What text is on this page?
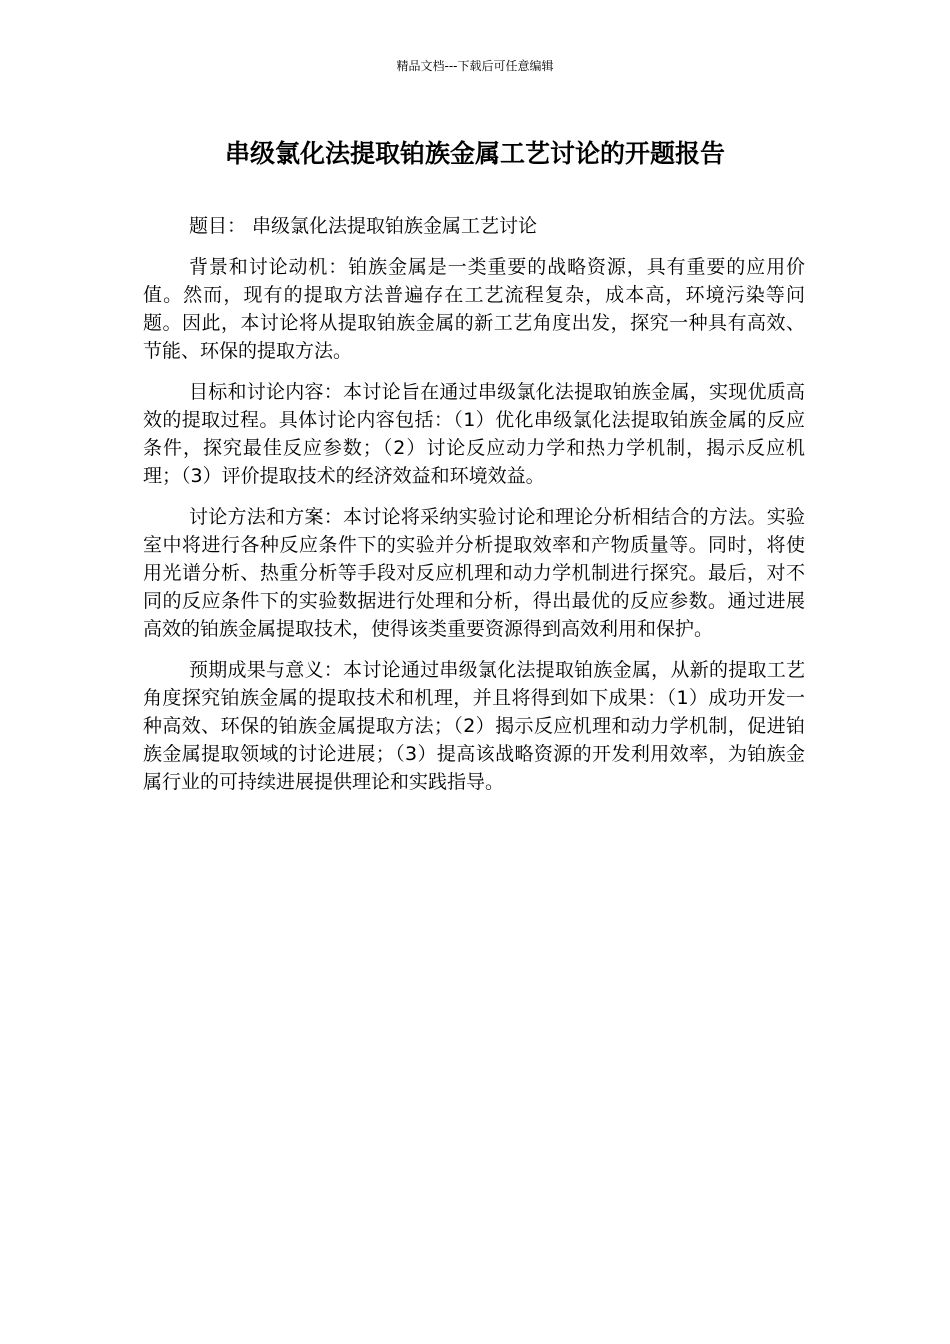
精品文档---下载后可任意编辑
串级氯化法提取铂族金属工艺讨论的开题报告

题目： 串级氯化法提取铂族金属工艺讨论

背景和讨论动机：铂族金属是一类重要的战略资源，具有重要的应用价值。然而，现有的提取方法普遍存在工艺流程复杂，成本高，环境污染等问题。因此，本讨论将从提取铂族金属的新工艺角度出发，探究一种具有高效、节能、环保的提取方法。

目标和讨论内容：本讨论旨在通过串级氯化法提取铂族金属，实现优质高效的提取过程。具体讨论内容包括：（1）优化串级氯化法提取铂族金属的反应条件，探究最佳反应参数；（2）讨论反应动力学和热力学机制，揭示反应机理；（3）评价提取技术的经济效益和环境效益。

讨论方法和方案：本讨论将采纳实验讨论和理论分析相结合的方法。实验室中将进行各种反应条件下的实验并分析提取效率和产物质量等。同时，将使用光谱分析、热重分析等手段对反应机理和动力学机制进行探究。最后，对不同的反应条件下的实验数据进行处理和分析，得出最优的反应参数。通过进展高效的铂族金属提取技术，使得该类重要资源得到高效利用和保护。

预期成果与意义：本讨论通过串级氯化法提取铂族金属，从新的提取工艺角度探究铂族金属的提取技术和机理，并且将得到如下成果：（1）成功开发一种高效、环保的铂族金属提取方法；（2）揭示反应机理和动力学机制，促进铂族金属提取领域的讨论进展；（3）提高该战略资源的开发利用效率，为铂族金属行业的可持续进展提供理论和实践指导。
